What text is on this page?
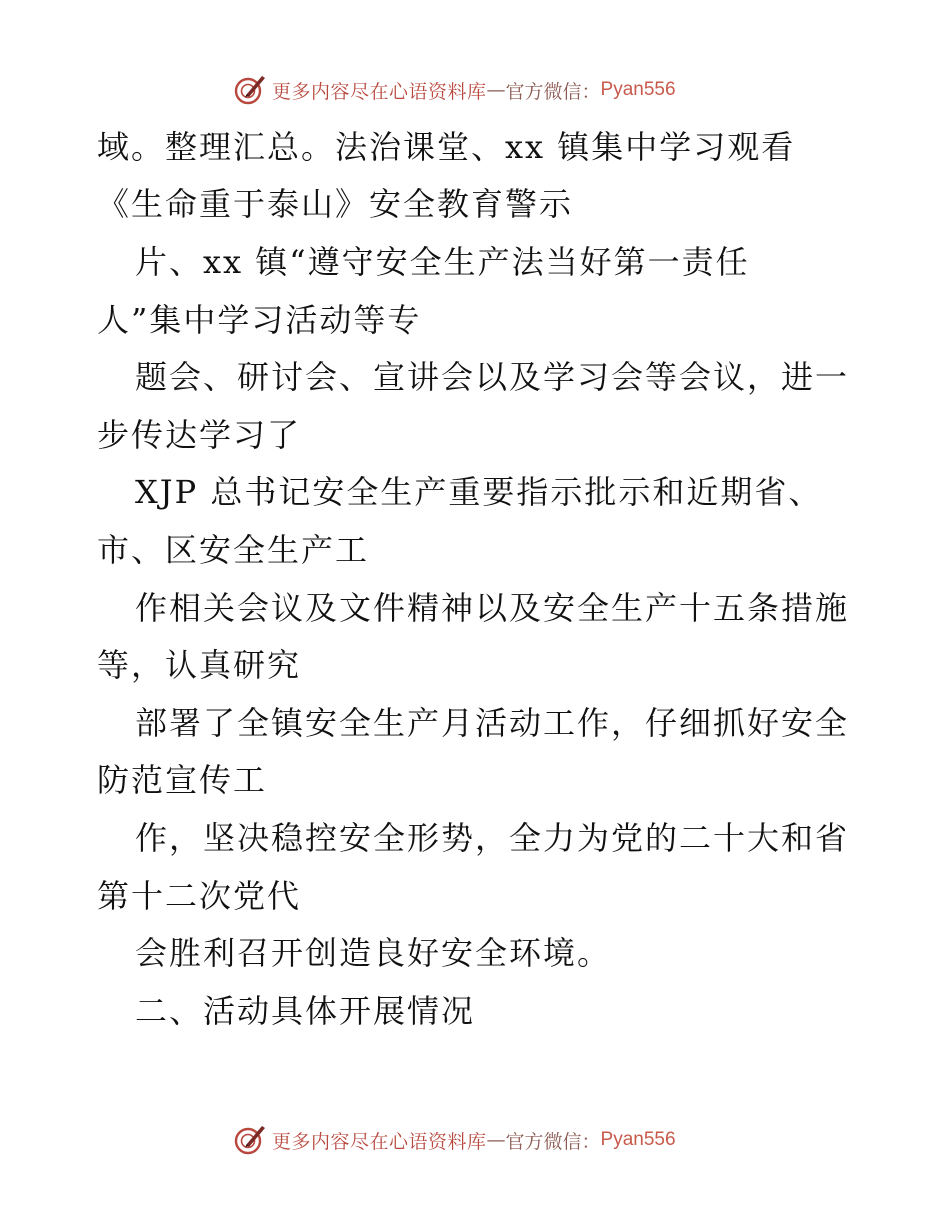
更多内容尽在心语资料库 — 官方微信： Pyan556
域。整理汇总。法治课堂、xx 镇集中学习观看
《生命重于泰山》安全教育警示
片、xx 镇“遵守安全生产法当好第一责任
人”集中学习活动等专
题会、研讨会、宣讲会以及学习会等会议，进一
步传达学习了
XJP 总书记安全生产重要指示批示和近期省、
市、区安全生产工
作相关会议及文件精神以及安全生产十五条措施
等，认真研究
部署了全镇安全生产月活动工作，仔细抓好安全
防范宣传工
作，坚决稳控安全形势，全力为党的二十大和省
第十二次党代
会胜利召开创造良好安全环境。
二、活动具体开展情况
更多内容尽在心语资料库 — 官方微信： Pyan556
